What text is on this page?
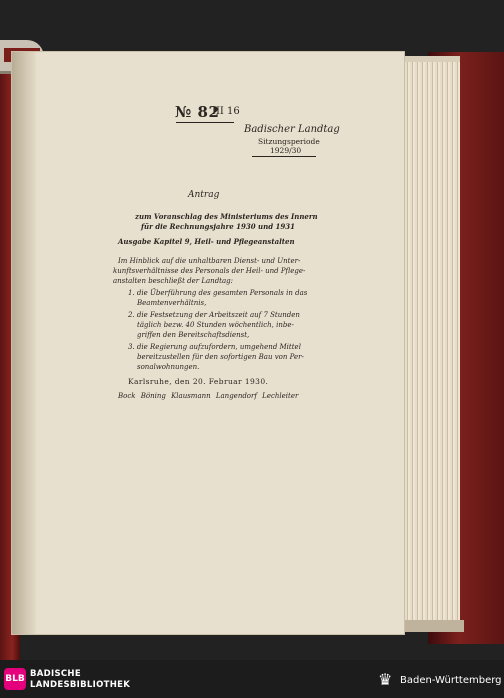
№ 82
III 16
Badischer Landtag
Sitzungsperiode
1929/30
Antrag
zum Voranschlag des Ministeriums des Innern
für die Rechnungsjahre 1930 und 1931
Ausgabe Kapitel 9, Heil- und Pflegeanstalten
Im Hinblick auf die unhaltbaren Dienst- und Unter-
kunftsverhältnisse des Personals der Heil- und Pflege-
anstalten beschließt der Landtag:
1. die Überführung des gesamten Personals in das
Beamtenverhältnis,
2. die Festsetzung der Arbeitszeit auf 7 Stunden
täglich bezw. 40 Stunden wöchentlich, inbe-
griffen den Bereitschaftsdienst,
3. die Regierung aufzufordern, umgehend Mittel
bereitzustellen für den sofortigen Bau von Per-
sonalwohnungen.
Karlsruhe, den 20. Februar 1930.
Bock Böning Klausmann Langendorf Lechleiter
BLB BADISCHE
LANDESBIBLIOTHEK	♛ Baden-Württemberg
